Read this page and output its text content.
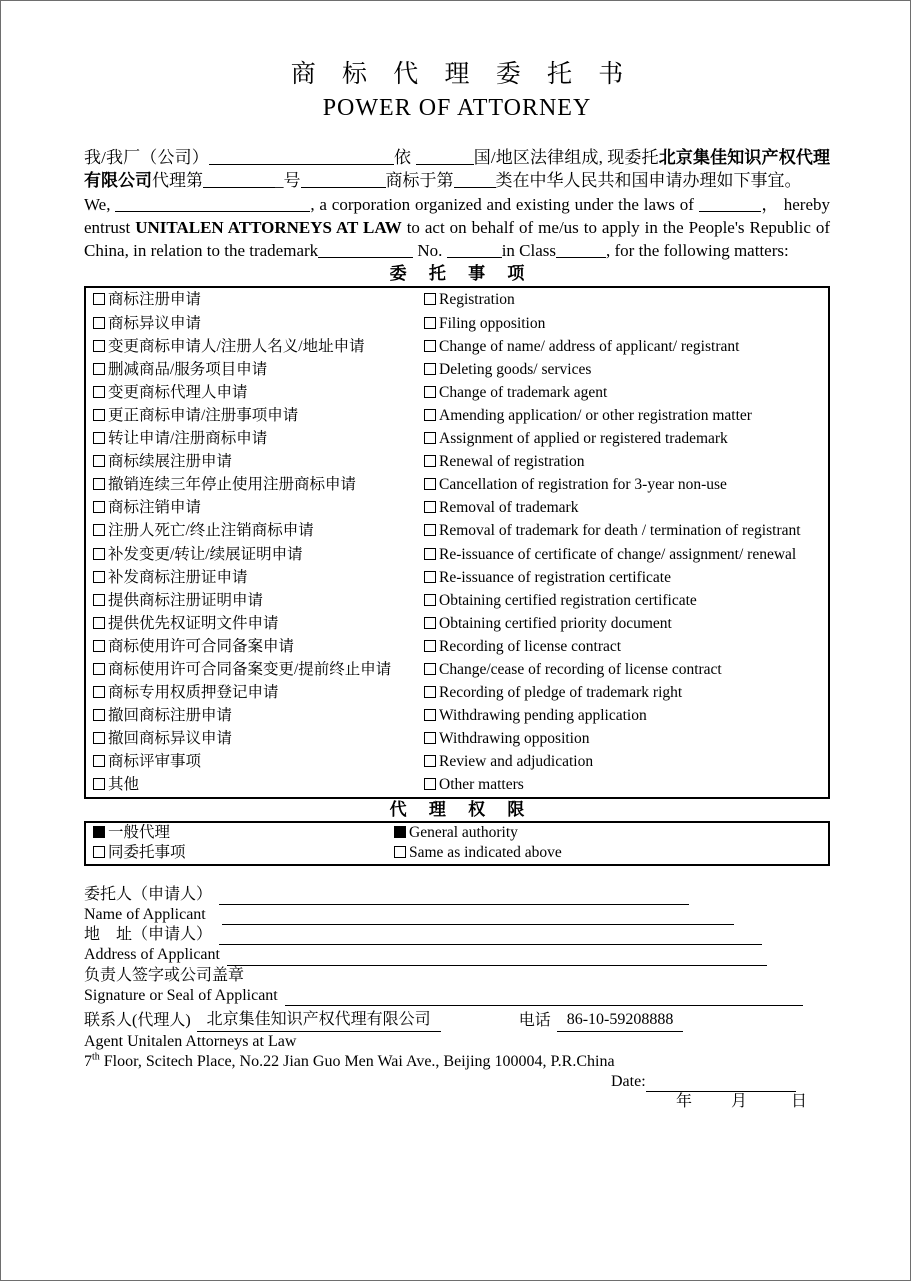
商 标 代 理 委 托 书
POWER OF ATTORNEY

我/我厂（公司）	依	国/地区法律组成, 现委托北京集佳知识产权代理有限公司代理第	_号	商标于第 类在中华人民共和国申请办理如下事宜。

We,	, a corporation organized and existing under the laws of	， hereby entrust UNITALEN ATTORNEYS AT LAW to act on behalf of me/us to apply in the People's Republic of China, in relation to the trademark	No.	in Class	, for the following matters:

委 托 事 项
商标注册申请	Registration
商标异议申请	Filing opposition
变更商标申请人/注册人名义/地址申请	Change of name/ address of applicant/ registrant
删减商品/服务项目申请	Deleting goods/ services
变更商标代理人申请	Change of trademark agent
更正商标申请/注册事项申请	Amending application/ or other registration matter
转让申请/注册商标申请	Assignment of applied or registered trademark
商标续展注册申请	Renewal of registration
撤销连续三年停止使用注册商标申请	Cancellation of registration for 3-year non-use
商标注销申请	Removal of trademark
注册人死亡/终止注销商标申请	Removal of trademark for death / termination of registrant
补发变更/转让/续展证明申请	Re-issuance of certificate of change/ assignment/ renewal
补发商标注册证申请	Re-issuance of registration certificate
提供商标注册证明申请	Obtaining certified registration certificate
提供优先权证明文件申请	Obtaining certified priority document
商标使用许可合同备案申请	Recording of license contract
商标使用许可合同备案变更/提前终止申请	Change/cease of recording of license contract
商标专用权质押登记申请	Recording of pledge of trademark right
撤回商标注册申请	Withdrawing pending application
撤回商标异议申请	Withdrawing opposition
商标评审事项	Review and adjudication
其他	Other matters
代 理 权 限
一般代理	General authority
同委托事项	Same as indicated above
委托人（申请人）
Name of Applicant
地　址（申请人）
Address of Applicant
负责人签字或公司盖章
Signature or Seal of Applicant
联系人(代理人)	北京集佳知识产权代理有限公司	电话	86-10-59208888
Agent Unitalen Attorneys at Law
7th Floor, Scitech Place, No.22 Jian Guo Men Wai Ave., Beijing 100004, P.R.China
Date:
年 月	日
